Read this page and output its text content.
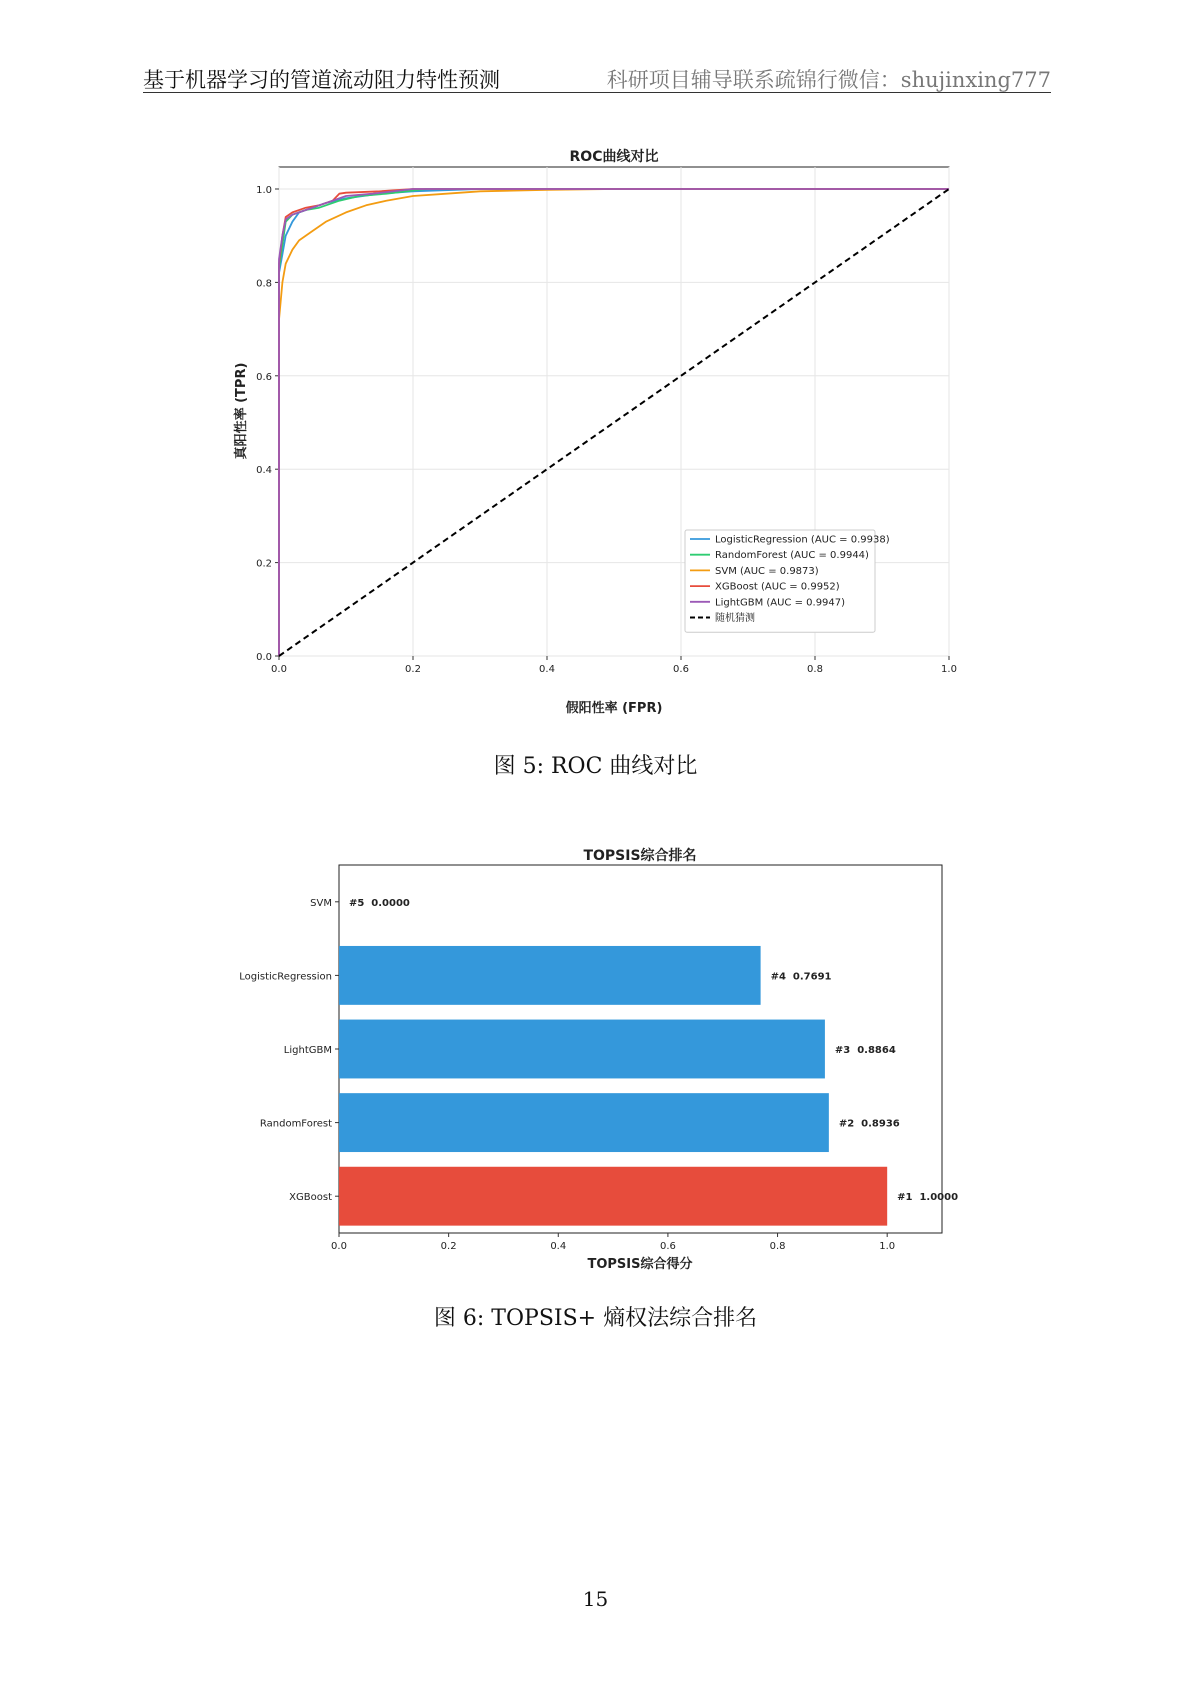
基于机器学习的管道流动阻力特性预测	科研项目辅导联系疏锦行微信：shujinxing777
0.0	0.2	0.4	0.6	0.8	1.0
0.0
0.2
0.4
0.6
0.8
1.0
ROC曲线对比
假阳性率 (FPR)
真阳性率 (TPR)
LogisticRegression (AUC = 0.9938)
RandomForest (AUC = 0.9944)
SVM (AUC = 0.9873)
XGBoost (AUC = 0.9952)
LightGBM (AUC = 0.9947)
随机猜测
图 5: ROC 曲线对比
#5  0.0000
#4  0.7691
#3  0.8864
#2  0.8936
#1  1.0000
SVM
LogisticRegression
LightGBM
RandomForest
XGBoost
0.0	0.2	0.4	0.6	0.8	1.0
TOPSIS综合排名
TOPSIS综合得分
图 6: TOPSIS+ 熵权法综合排名
15
